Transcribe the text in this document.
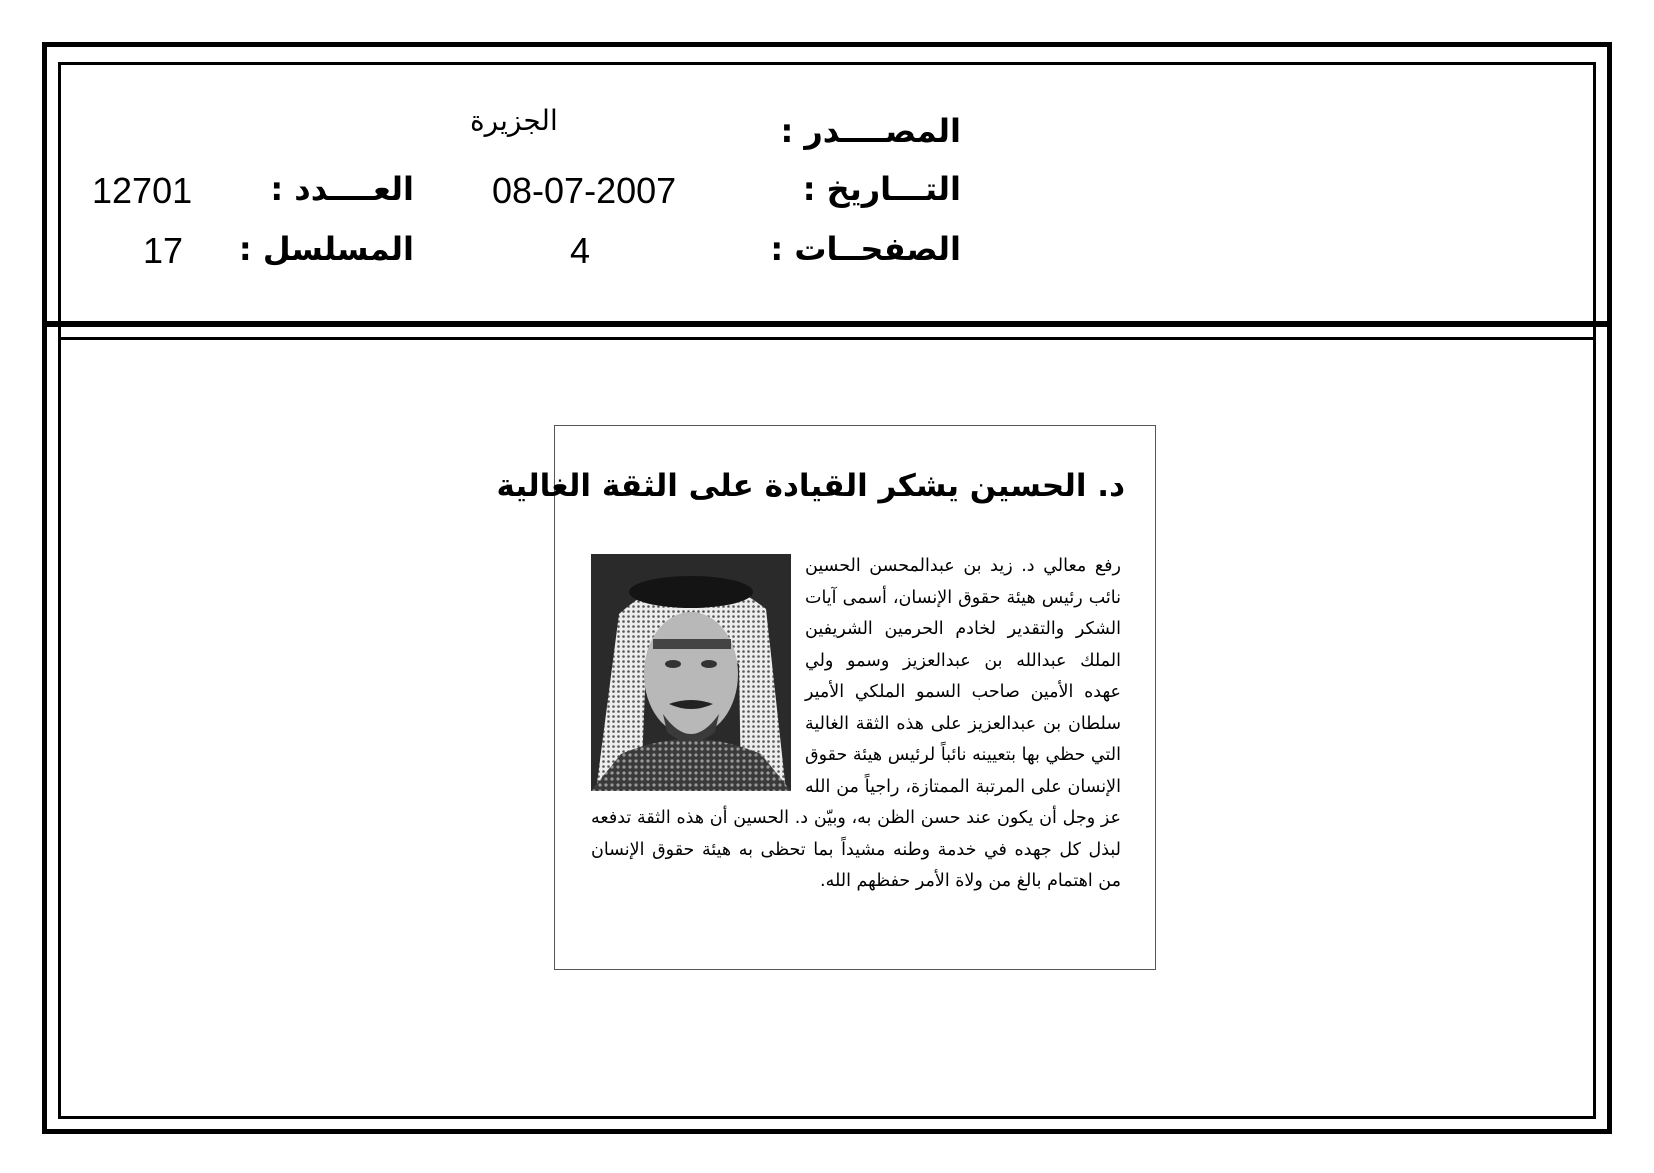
المصــــدر :
الجزيرة
التـــاريخ :
08-07-2007
العــــدد :
12701
الصفحــات :
4
المسلسل :
17
د. الحسين يشكر القيادة على الثقة الغالية
رفع معالي د. زيد بن عبدالمحسن الحسين نائب رئيس هيئة حقوق الإنسان، أسمى آيات الشكر والتقدير لخادم الحرمين الشريفين الملك عبدالله بن عبدالعزيز وسمو ولي عهده الأمين صاحب السمو الملكي الأمير سلطان بن عبدالعزيز على هذه الثقة الغالية التي حظي بها بتعيينه نائباً لرئيس هيئة حقوق الإنسان على المرتبة الممتازة، راجياً من الله عز وجل أن يكون عند حسن الظن به، وبيّن د. الحسين أن هذه الثقة تدفعه لبذل كل جهده في خدمة وطنه مشيداً بما تحظى به هيئة حقوق الإنسان من اهتمام بالغ من ولاة الأمر حفظهم الله.
